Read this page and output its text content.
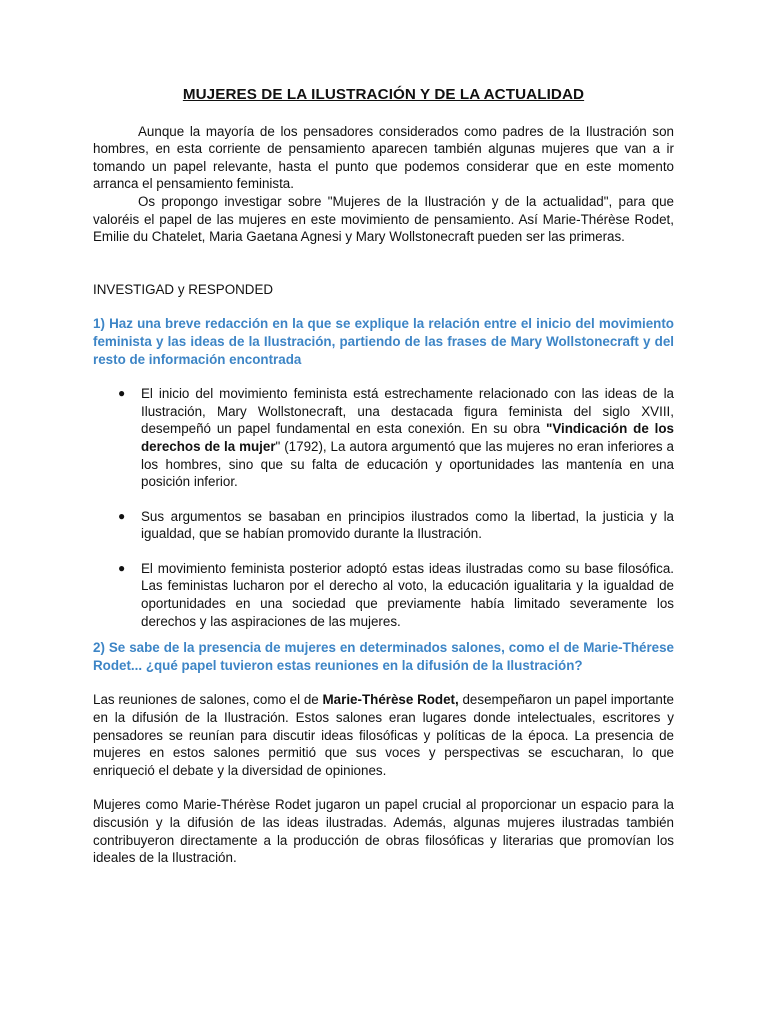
MUJERES DE LA ILUSTRACIÓN Y DE LA ACTUALIDAD

Aunque la mayoría de los pensadores considerados como padres de la Ilustración son hombres, en esta corriente de pensamiento aparecen también algunas mujeres que van a ir tomando un papel relevante, hasta el punto que podemos considerar que en este momento arranca el pensamiento feminista.

Os propongo investigar sobre "Mujeres de la Ilustración y de la actualidad", para que valoréis el papel de las mujeres en este movimiento de pensamiento. Así Marie-Thérèse Rodet, Emilie du Chatelet, Maria Gaetana Agnesi y Mary Wollstonecraft pueden ser las primeras.

INVESTIGAD y RESPONDED

1) Haz una breve redacción en la que se explique la relación entre el inicio del movimiento feminista y las ideas de la Ilustración, partiendo de las frases de Mary Wollstonecraft y del resto de información encontrada

● El inicio del movimiento feminista está estrechamente relacionado con las ideas de la Ilustración, Mary Wollstonecraft, una destacada figura feminista del siglo XVIII, desempeñó un papel fundamental en esta conexión. En su obra "Vindicación de los derechos de la mujer" (1792), La autora argumentó que las mujeres no eran inferiores a los hombres, sino que su falta de educación y oportunidades las mantenía en una posición inferior.
● Sus argumentos se basaban en principios ilustrados como la libertad, la justicia y la igualdad, que se habían promovido durante la Ilustración.
● El movimiento feminista posterior adoptó estas ideas ilustradas como su base filosófica. Las feministas lucharon por el derecho al voto, la educación igualitaria y la igualdad de oportunidades en una sociedad que previamente había limitado severamente los derechos y las aspiraciones de las mujeres.

2) Se sabe de la presencia de mujeres en determinados salones, como el de Marie-Thérese Rodet... ¿qué papel tuvieron estas reuniones en la difusión de la Ilustración?

Las reuniones de salones, como el de Marie-Thérèse Rodet, desempeñaron un papel importante en la difusión de la Ilustración. Estos salones eran lugares donde intelectuales, escritores y pensadores se reunían para discutir ideas filosóficas y políticas de la época. La presencia de mujeres en estos salones permitió que sus voces y perspectivas se escucharan, lo que enriqueció el debate y la diversidad de opiniones.

Mujeres como Marie-Thérèse Rodet jugaron un papel crucial al proporcionar un espacio para la discusión y la difusión de las ideas ilustradas. Además, algunas mujeres ilustradas también contribuyeron directamente a la producción de obras filosóficas y literarias que promovían los ideales de la Ilustración.
